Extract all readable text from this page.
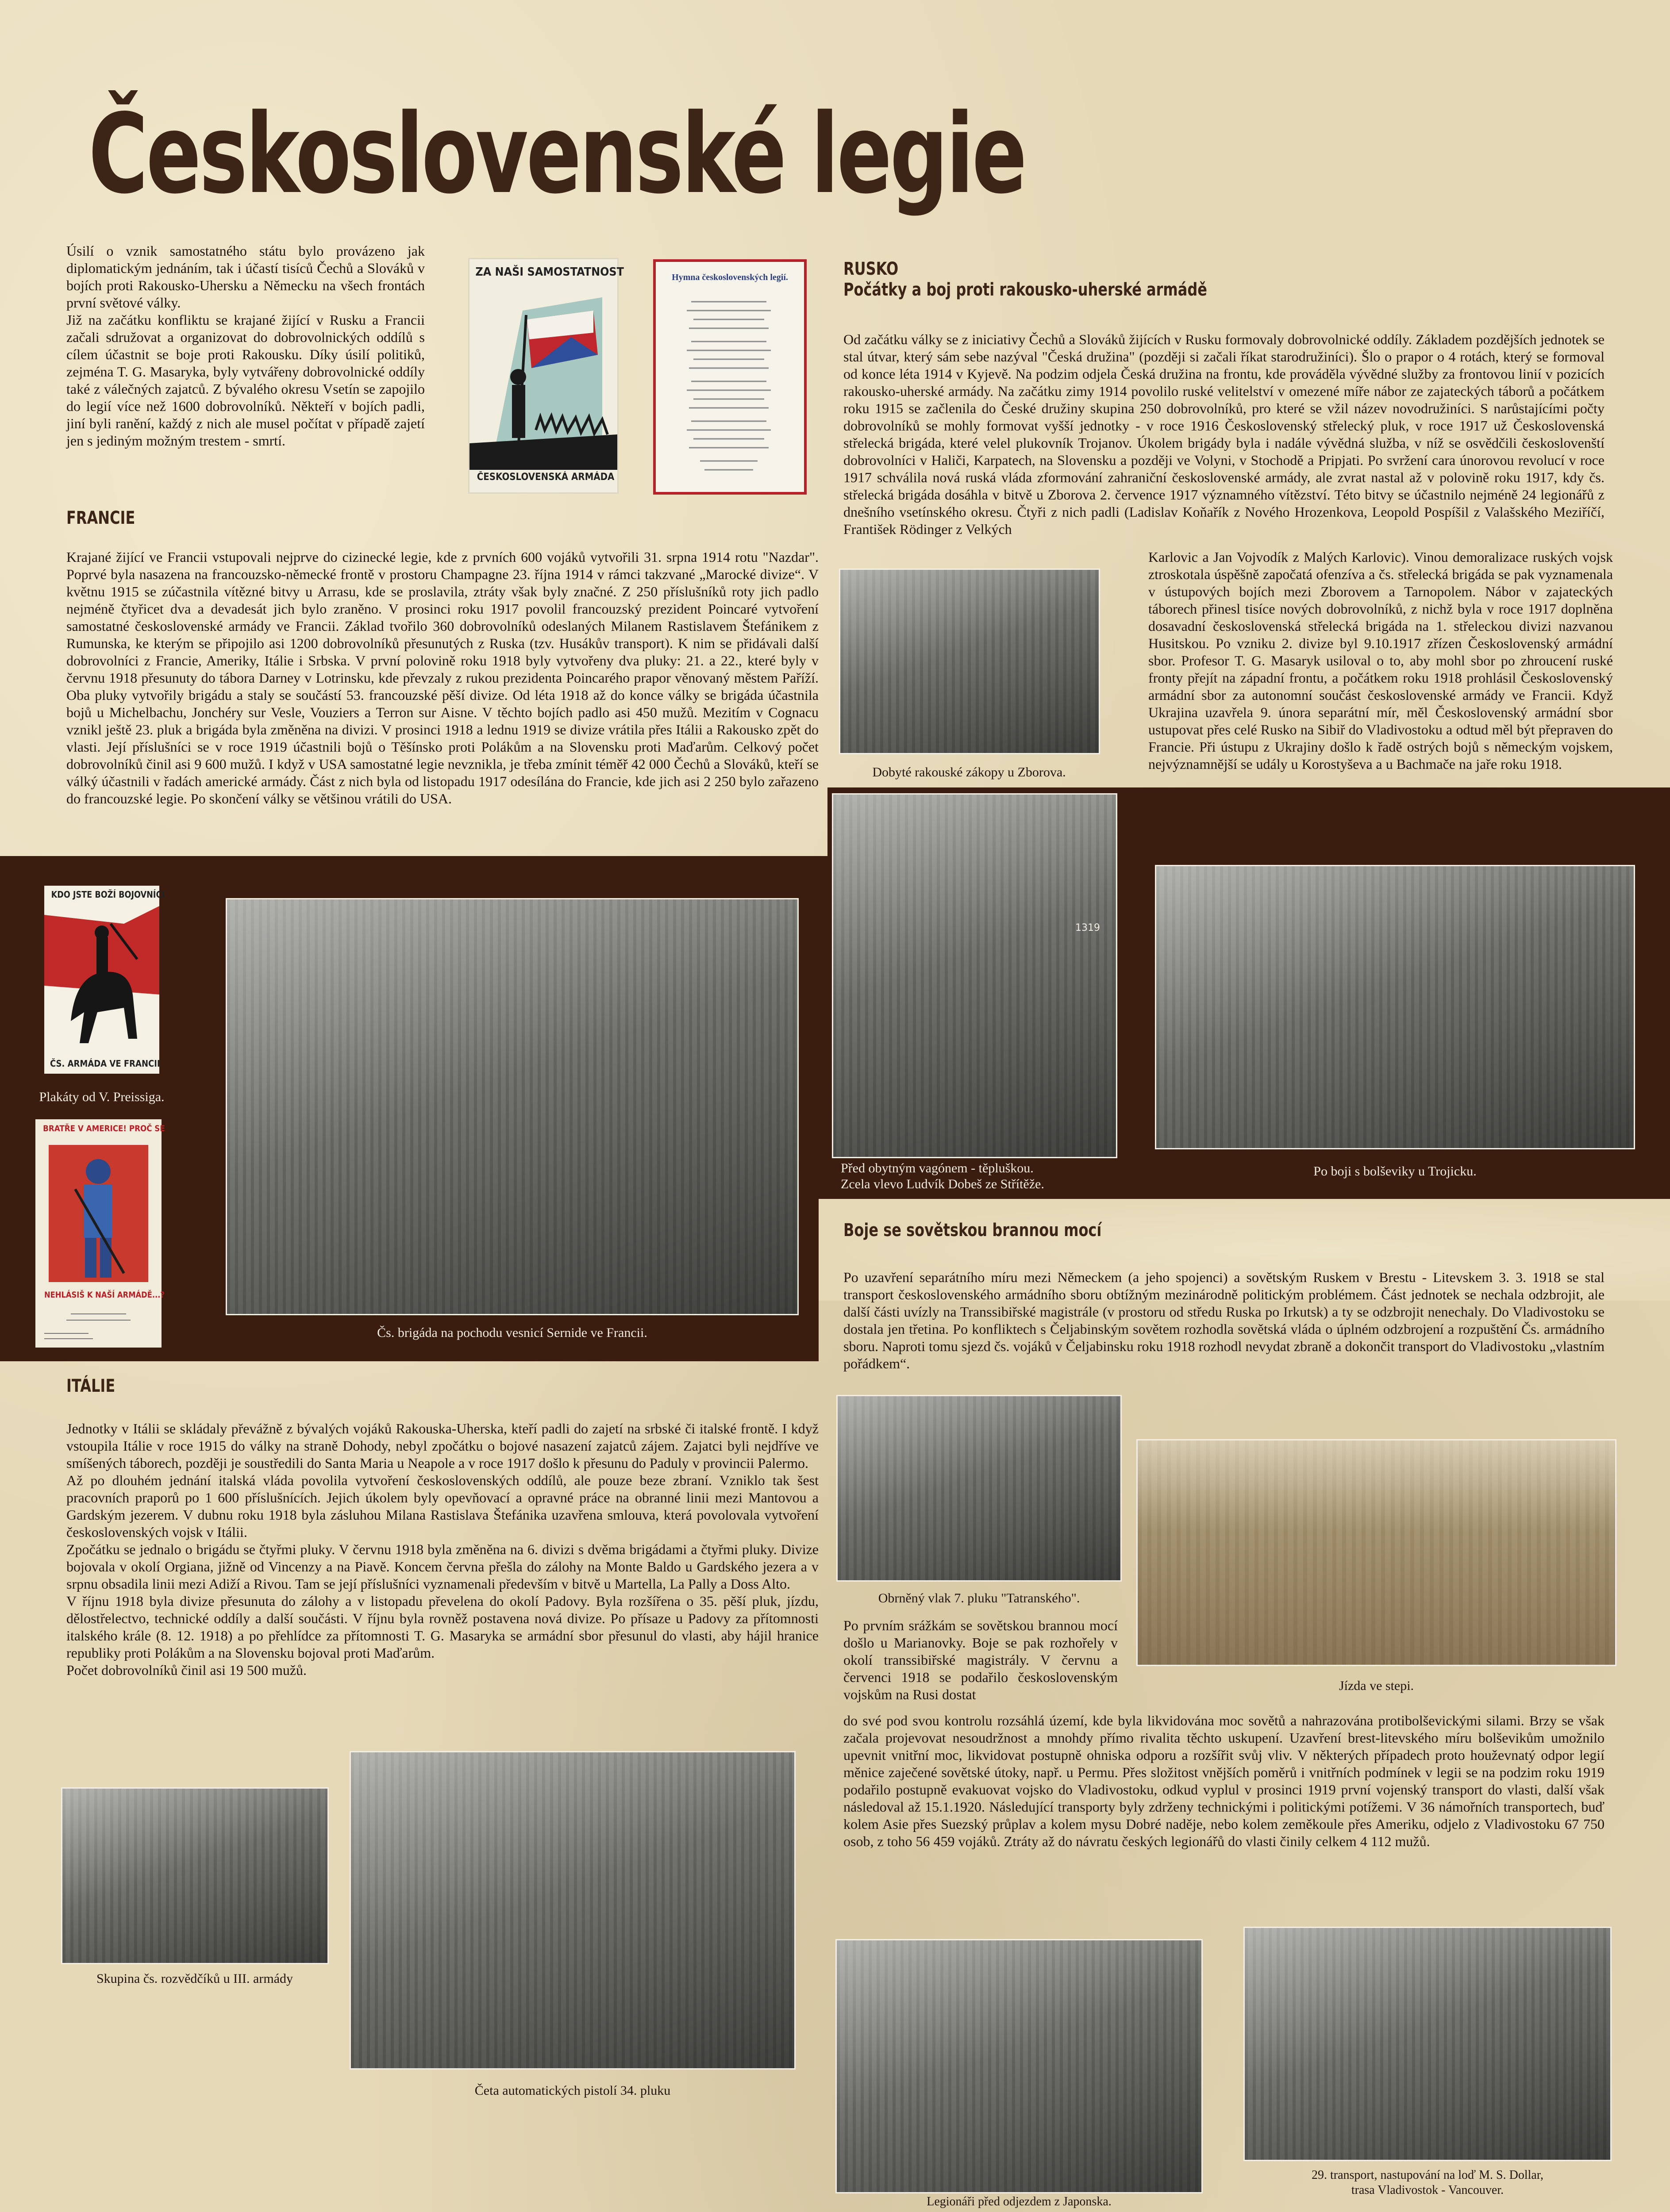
Československé legie
Úsilí o vznik samostatného státu bylo provázeno jak diplomatickým jednáním, tak i účastí tisíců Čechů a Slováků v bojích proti Rakousko-Uhersku a Německu na všech frontách první světové války.
Již na začátku konfliktu se krajané žijící v Rusku a Francii začali sdružovat a organizovat do dobrovolnických oddílů s cílem účastnit se boje proti Rakousku. Díky úsilí politiků, zejména T. G. Masaryka, byly vytvářeny dobrovolnické oddíly také z válečných zajatců. Z bývalého okresu Vsetín se zapojilo do legií více než 1600 dobrovolníků. Někteří v bojích padli, jiní byli ranění, každý z nich ale musel počítat v případě zajetí jen s jediným možným trestem - smrtí.
ZA NAŠI SAMOSTATNOST
ČESKOSLOVENSKÁ ARMÁDA
Hymna československých legií.
FRANCIE
Krajané žijící ve Francii vstupovali nejprve do cizinecké legie, kde z prvních 600 vojáků vytvořili 31. srpna 1914 rotu "Nazdar". Poprvé byla nasazena na francouzsko-německé frontě v prostoru Champagne 23. října 1914 v rámci takzvané „Marocké divize“. V květnu 1915 se zúčastnila vítězné bitvy u Arrasu, kde se proslavila, ztráty však byly značné. Z 250 příslušníků roty jich padlo nejméně čtyřicet dva a devadesát jich bylo zraněno. V prosinci roku 1917 povolil francouzský prezident Poincaré vytvoření samostatné československé armády ve Francii. Základ tvořilo 360 dobrovolníků odeslaných Milanem Rastislavem Štefánikem z Rumunska, ke kterým se připojilo asi 1200 dobrovolníků přesunutých z Ruska (tzv. Husákův transport). K nim se přidávali další dobrovolníci z Francie, Ameriky, Itálie i Srbska. V první polovině roku 1918 byly vytvořeny dva pluky: 21. a 22., které byly v červnu 1918 přesunuty do tábora Darney v Lotrinsku, kde převzaly z rukou prezidenta Poincarého prapor věnovaný městem Paříží. Oba pluky vytvořily brigádu a staly se součástí 53. francouzské pěší divize. Od léta 1918 až do konce války se brigáda účastnila bojů u Michelbachu, Jonchéry sur Vesle, Vouziers a Terron sur Aisne. V těchto bojích padlo asi 450 mužů. Mezitím v Cognacu vznikl ještě 23. pluk a brigáda byla změněna na divizi. V prosinci 1918 a lednu 1919 se divize vrátila přes Itálii a Rakousko zpět do vlasti. Její příslušníci se v roce 1919 účastnili bojů o Těšínsko proti Polákům a na Slovensku proti Maďarům. Celkový počet dobrovolníků činil asi 9 600 mužů. I když v USA samostatné legie nevznikla, je třeba zmínit téměř 42 000 Čechů a Slováků, kteří se válký účastnili v řadách americké armády. Část z nich byla od listopadu 1917 odesílána do Francie, kde jich asi 2 250 bylo zařazeno do francouzské legie. Po skončení války se většinou vrátili do USA.
RUSKO
Počátky a boj proti rakousko-uherské armádě
Od začátku války se z iniciativy Čechů a Slováků žijících v Rusku formovaly dobrovolnické oddíly. Základem pozdějších jednotek se stal útvar, který sám sebe nazýval "Česká družina" (později si začali říkat starodružiníci). Šlo o prapor o 4 rotách, který se formoval od konce léta 1914 v Kyjevě. Na podzim odjela Česká družina na frontu, kde prováděla vývědné služby za frontovou linií v pozicích rakousko-uherské armády. Na začátku zimy 1914 povolilo ruské velitelství v omezené míře nábor ze zajateckých táborů a počátkem roku 1915 se začlenila do České družiny skupina 250 dobrovolníků, pro které se vžil název novodružiníci. S narůstajícími počty dobrovolníků se mohly formovat vyšší jednotky - v roce 1916 Československý střelecký pluk, v roce 1917 už Československá střelecká brigáda, které velel plukovník Trojanov. Úkolem brigády byla i nadále vývědná služba, v níž se osvědčili českoslovenští dobrovolníci v Haliči, Karpatech, na Slovensku a později ve Volyni, v Stochodě a Pripjati. Po svržení cara únorovou revolucí v roce 1917 schválila nová ruská vláda zformování zahraniční československé armády, ale zvrat nastal až v polovině roku 1917, kdy čs. střelecká brigáda dosáhla v bitvě u Zborova 2. července 1917 významného vítězství. Této bitvy se účastnilo nejméně 24 legionářů z dnešního vsetínského okresu. Čtyři z nich padli (Ladislav Koňařík z Nového Hrozenkova, Leopold Pospíšil z Valašského Meziříčí, František Rödinger z Velkých
Karlovic a Jan Vojvodík z Malých Karlovic). Vinou demoralizace ruských vojsk ztroskotala úspěšně započatá ofenzíva a čs. střelecká brigáda se pak vyznamenala v ústupových bojích mezi Zborovem a Tarnopolem. Nábor v zajateckých táborech přinesl tisíce nových dobrovolníků, z nichž byla v roce 1917 doplněna dosavadní československá střelecká brigáda na 1. střeleckou divizi nazvanou Husitskou. Po vzniku 2. divize byl 9.10.1917 zřízen Československý armádní sbor. Profesor T. G. Masaryk usiloval o to, aby mohl sbor po zhroucení ruské fronty přejít na západní frontu, a počátkem roku 1918 prohlásil Československý armádní sbor za autonomní součást československé armády ve Francii. Když Ukrajina uzavřela 9. února separátní mír, měl Československý armádní sbor ustupovat přes celé Rusko na Sibiř do Vladivostoku a odtud měl být přepraven do Francie. Při ústupu z Ukrajiny došlo k řadě ostrých bojů s německým vojskem, nejvýznamnější se udály u Korostyševa a u Bachmače na jaře roku 1918.
Dobyté rakouské zákopy u Zborova.
KDO JSTE BOŽÍ BOJOVNÍCI
ČS. ARMÁDA VE FRANCII
Plakáty od V. Preissiga.
BRATŘE V AMERICE! PROČ SE
NEHLÁSIŠ K NAŠÍ ARMÁDĚ...?
Čs. brigáda na pochodu vesnicí Sernide ve Francii.
1319
Před obytným vagónem - těpluškou.
Zcela vlevo Ludvík Dobeš ze Střítěže.
Po boji s bolševiky u Trojicku.
Boje se sovětskou brannou mocí
Po uzavření separátního míru mezi Německem (a jeho spojenci) a sovětským Ruskem v Brestu - Litevskem 3. 3. 1918 se stal transport československého armádního sboru obtížným mezinárodně politickým problémem. Část jednotek se nechala odzbrojit, ale další části uvízly na Transsibiřské magistrále (v prostoru od středu Ruska po Irkutsk) a ty se odzbrojit nenechaly. Do Vladivostoku se dostala jen třetina. Po konfliktech s Čeljabinským sovětem rozhodla sovětská vláda o úplném odzbrojení a rozpuštění Čs. armádního sboru. Naproti tomu sjezd čs. vojáků v Čeljabinsku roku 1918 rozhodl nevydat zbraně a dokončit transport do Vladivostoku „vlastním pořádkem“.
Obrněný vlak 7. pluku "Tatranského".
Jízda ve stepi.
Po prvním srážkám se sovětskou brannou mocí došlo u Marianovky. Boje se pak rozhořely v okolí transsibiřské magistrály. V červnu a červenci 1918 se podařilo československým vojskům na Rusi dostat
do své pod svou kontrolu rozsáhlá území, kde byla likvidována moc sovětů a nahrazována protibolševickými silami. Brzy se však začala projevovat nesoudržnost a mnohdy přímo rivalita těchto uskupení. Uzavření brest-litevského míru bolševikům umožnilo upevnit vnitřní moc, likvidovat postupně ohniska odporu a rozšířit svůj vliv. V některých případech proto houževnatý odpor legií měnice zaječené sovětské útoky, např. u Permu. Přes složitost vnějších poměrů i vnitřních podmínek v legii se na podzim roku 1919 podařilo postupně evakuovat vojsko do Vladivostoku, odkud vyplul v prosinci 1919 první vojenský transport do vlasti, další však následoval až 15.1.1920. Následující transporty byly zdrženy technickými i politickými potížemi. V 36 námořních transportech, buď kolem Asie přes Suezský průplav a kolem mysu Dobré naděje, nebo kolem zeměkoule přes Ameriku, odjelo z Vladivostoku 67 750 osob, z toho 56 459 vojáků. Ztráty až do návratu českých legionářů do vlasti činily celkem 4 112 mužů.
Legionáři před odjezdem z Japonska.
29. transport, nastupování na loď M. S. Dollar,
trasa Vladivostok - Vancouver.
ITÁLIE
Jednotky v Itálii se skládaly převážně z bývalých vojáků Rakouska-Uherska, kteří padli do zajetí na srbské či italské frontě. I když vstoupila Itálie v roce 1915 do války na straně Dohody, nebyl zpočátku o bojové nasazení zajatců zájem. Zajatci byli nejdříve ve smíšených táborech, později je soustředili do Santa Maria u Neapole a v roce 1917 došlo k přesunu do Paduly v provincii Palermo.
Až po dlouhém jednání italská vláda povolila vytvoření československých oddílů, ale pouze beze zbraní. Vzniklo tak šest pracovních praporů po 1 600 příslušnících. Jejich úkolem byly opevňovací a opravné práce na obranné linii mezi Mantovou a Gardským jezerem. V dubnu roku 1918 byla zásluhou Milana Rastislava Štefánika uzavřena smlouva, která povolovala vytvoření československých vojsk v Itálii.
Zpočátku se jednalo o brigádu se čtyřmi pluky. V červnu 1918 byla změněna na 6. divizi s dvěma brigádami a čtyřmi pluky. Divize bojovala v okolí Orgiana, jižně od Vincenzy a na Piavě. Koncem června přešla do zálohy na Monte Baldo u Gardského jezera a v srpnu obsadila linii mezi Adiží a Rivou. Tam se její příslušníci vyznamenali především v bitvě u Martella, La Pally a Doss Alto.
V říjnu 1918 byla divize přesunuta do zálohy a v listopadu převelena do okolí Padovy. Byla rozšířena o 35. pěší pluk, jízdu, dělostřelectvo, technické oddíly a další součásti. V říjnu byla rovněž postavena nová divize. Po přísaze u Padovy za přítomnosti italského krále (8. 12. 1918) a po přehlídce za přítomnosti T. G. Masaryka se armádní sbor přesunul do vlasti, aby hájil hranice republiky proti Polákům a na Slovensku bojoval proti Maďarům.
Počet dobrovolníků činil asi 19 500 mužů.
Skupina čs. rozvědčíků u III. armády
Četa automatických pistolí 34. pluku
